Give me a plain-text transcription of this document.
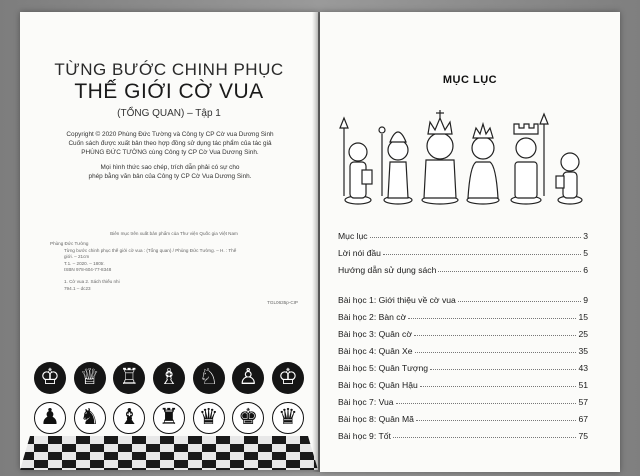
TỪNG BƯỚC CHINH PHỤC
THẾ GIỚI CỜ VUA
(TỔNG QUAN) – Tập 1

Copyright © 2020 Phùng Đức Tường và Công ty CP Cờ vua Dương Sinh
Cuốn sách được xuất bản theo hợp đồng sử dụng tác phẩm của tác giả
PHÙNG ĐỨC TƯỜNG cùng Công ty CP Cờ Vua Dương Sinh.

Mọi hình thức sao chép, trích dẫn phải có sự cho
phép bằng văn bản của Công ty CP Cờ Vua Dương Sinh.

Biên mục trên xuất bản phẩm của Thư viện Quốc gia Việt Nam
Phùng Đức Tường
Từng bước chinh phục thế giới cờ vua : (Tổng quan) / Phùng Đức Tường. – H. : Thế
giới. – 21cm
T.1. – 2020. – 180tr.
ISBN 978-604-77-8348
1. Cờ vua 2. Sách thiếu nhi
794.1 – dc23
TGL0635p-CIP
♔ ♕ ♖ ♗ ♘ ♙ ♔
♟ ♞ ♝ ♜ ♛ ♚ ♛
MỤC LỤC
Mục lục	3
Lời nói đầu	5
Hướng dẫn sử dụng sách	6
Bài học 1: Giới thiệu về cờ vua	9
Bài học 2: Bàn cờ	15
Bài học 3: Quân cờ	25
Bài học 4: Quân Xe	35
Bài học 5: Quân Tượng	43
Bài học 6: Quân Hậu	51
Bài học 7: Vua	57
Bài học 8: Quân Mã	67
Bài học 9: Tốt	75
